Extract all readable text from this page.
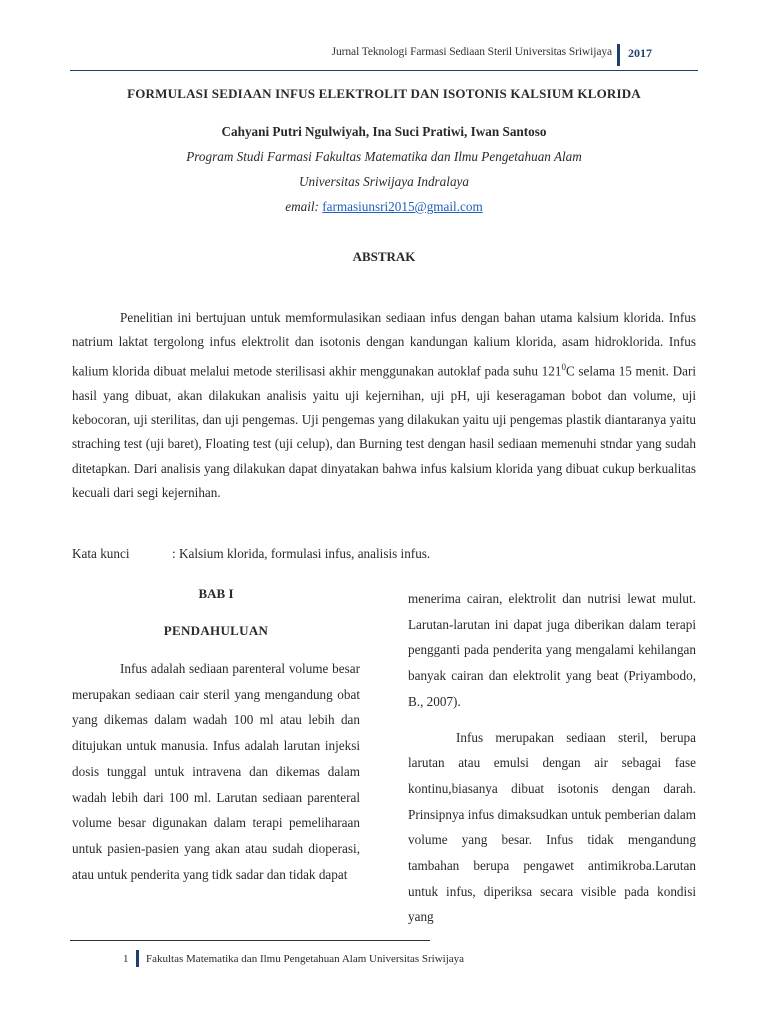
Jurnal Teknologi Farmasi Sediaan Steril Universitas Sriwijaya 2017
FORMULASI SEDIAAN INFUS ELEKTROLIT DAN ISOTONIS KALSIUM KLORIDA
Cahyani Putri Ngulwiyah, Ina Suci Pratiwi, Iwan Santoso
Program Studi Farmasi Fakultas Matematika dan Ilmu Pengetahuan Alam
Universitas Sriwijaya Indralaya
email: farmasiunsri2015@gmail.com
ABSTRAK

Penelitian ini bertujuan untuk memformulasikan sediaan infus dengan bahan utama kalsium klorida. Infus natrium laktat tergolong infus elektrolit dan isotonis dengan kandungan kalium klorida, asam hidroklorida. Infus kalium klorida dibuat melalui metode sterilisasi akhir menggunakan autoklaf pada suhu $121^0C$ selama 15 menit. Dari hasil yang dibuat, akan dilakukan analisis yaitu uji kejernihan, uji pH, uji keseragaman bobot dan volume, uji kebocoran, uji sterilitas, dan uji pengemas. Uji pengemas yang dilakukan yaitu uji pengemas plastik diantaranya yaitu straching test (uji baret), Floating test (uji celup), dan Burning test dengan hasil sediaan memenuhi stndar yang sudah ditetapkan. Dari analisis yang dilakukan dapat dinyatakan bahwa infus kalsium klorida yang dibuat cukup berkualitas kecuali dari segi kejernihan.

Kata kunci	: Kalsium klorida, formulasi infus, analisis infus.
BAB I
PENDAHULUAN

Infus adalah sediaan parenteral volume besar merupakan sediaan cair steril yang mengandung obat yang dikemas dalam wadah 100 ml atau lebih dan ditujukan untuk manusia. Infus adalah larutan injeksi dosis tunggal untuk intravena dan dikemas dalam wadah lebih dari 100 ml. Larutan sediaan parenteral volume besar digunakan dalam terapi pemeliharaan untuk pasien-pasien yang akan atau sudah dioperasi, atau untuk penderita yang tidk sadar dan tidak dapat

menerima cairan, elektrolit dan nutrisi lewat mulut. Larutan-larutan ini dapat juga diberikan dalam terapi pengganti pada penderita yang mengalami kehilangan banyak cairan dan elektrolit yang beat (Priyambodo, B., 2007).

Infus merupakan sediaan steril, berupa larutan atau emulsi dengan air sebagai fase kontinu,biasanya dibuat isotonis dengan darah. Prinsipnya infus dimaksudkan untuk pemberian dalam volume yang besar. Infus tidak mengandung tambahan berupa pengawet antimikroba.Larutan untuk infus, diperiksa secara visible pada kondisi yang

1 Fakultas Matematika dan Ilmu Pengetahuan Alam Universitas Sriwijaya
